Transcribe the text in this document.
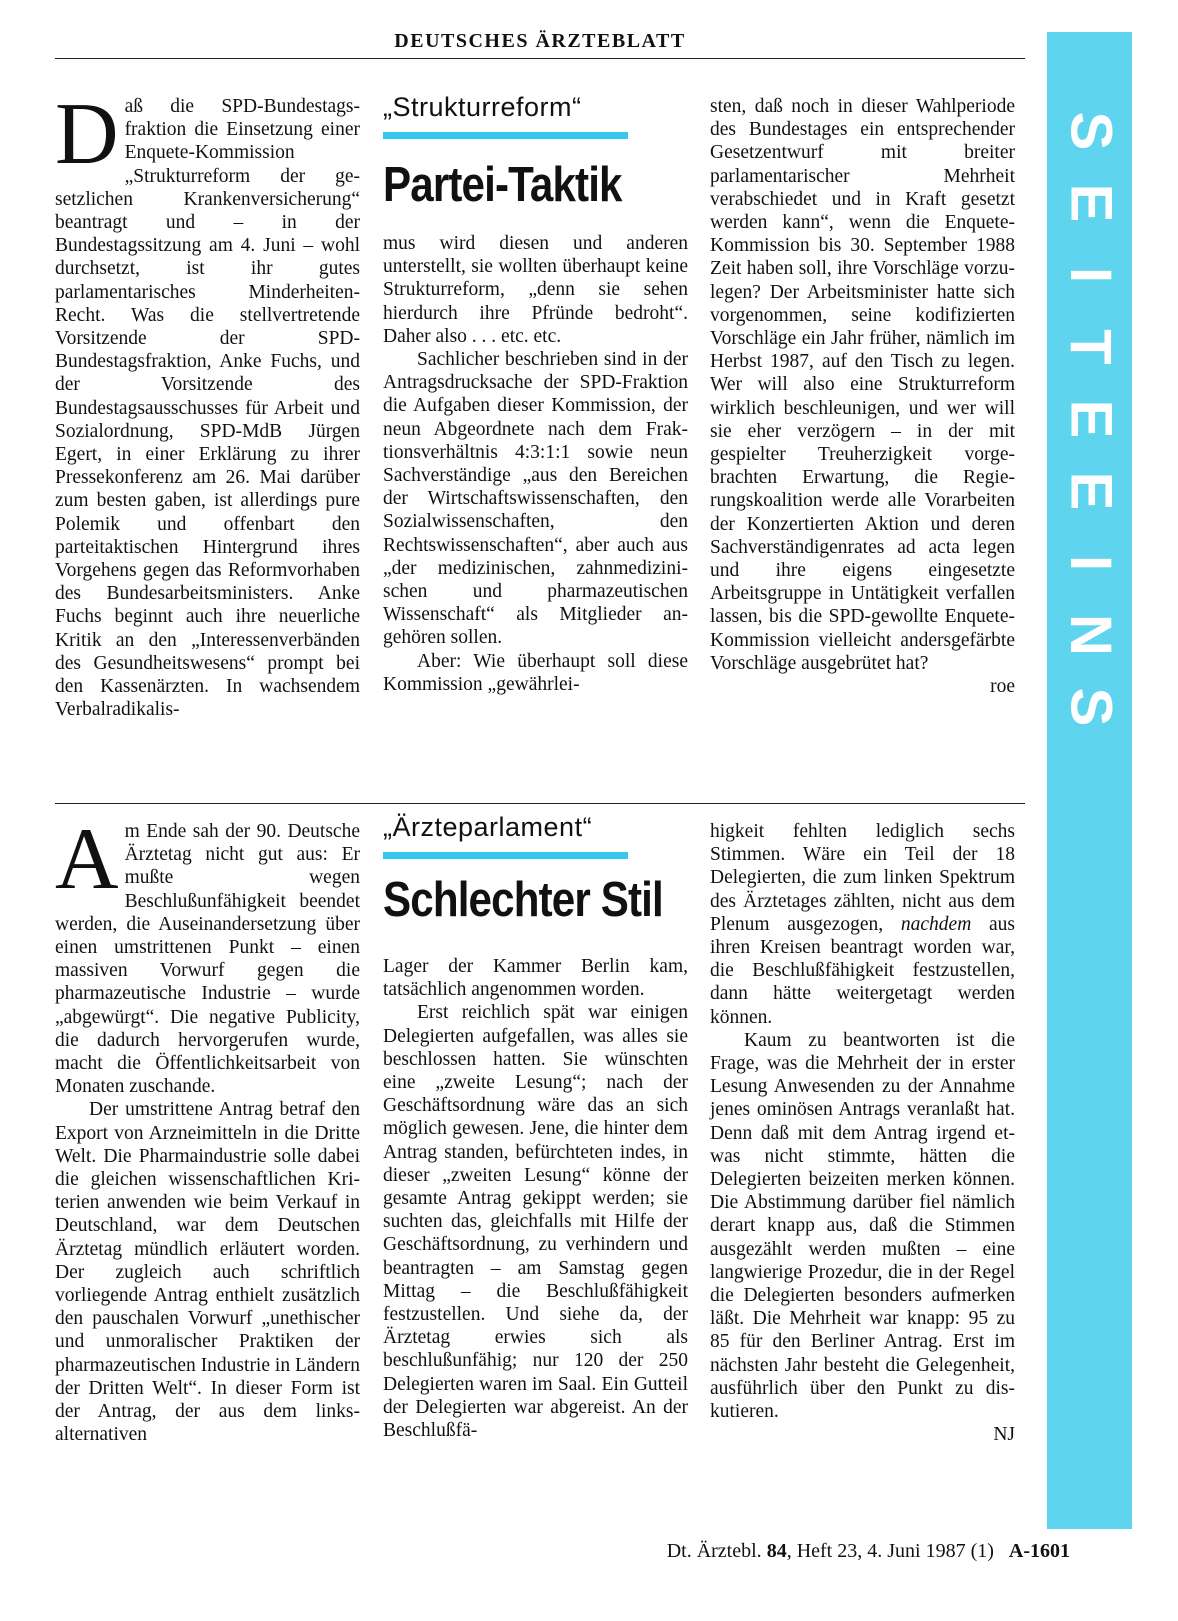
DEUTSCHES ÄRZTEBLATT
S
E
I
T
E
E
I
N
S

Daß die SPD-Bundestagsfraktion die Einsetzung einer Enquete-Kommission „Strukturreform der gesetzlichen Krankenversicherung“ beantragt und – in der Bundestagssitzung am 4. Juni – wohl durchsetzt, ist ihr gutes parlamentarisches Minderheiten-Recht. Was die stellvertretende Vorsitzende der SPD-Bundestagsfraktion, Anke Fuchs, und der Vorsitzende des Bundestagsausschusses für Arbeit und Sozialordnung, SPD-MdB Jürgen Egert, in einer Erklärung zu ihrer Pressekonferenz am 26. Mai darüber zum besten gaben, ist allerdings pure Polemik und offenbart den parteitaktischen Hintergrund ihres Vorgehens gegen das Reformvorhaben des Bundesarbeitsministers. Anke Fuchs beginnt auch ihre neuerliche Kritik an den „Interessenverbänden des Gesundheitswesens“ prompt bei den Kassenärzten. In wachsendem Verbalradikalis-

„Strukturreform“
Partei-Taktik

mus wird diesen und anderen unterstellt, sie wollten überhaupt keine Strukturreform, „denn sie sehen hierdurch ihre Pfründe bedroht“. Daher also . . . etc. etc.

Sachlicher beschrieben sind in der Antragsdrucksache der SPD-Fraktion die Aufgaben dieser Kommission, der neun Abgeordnete nach dem Fraktionsverhältnis 4:3:1:1 sowie neun Sachverständige „aus den Bereichen der Wirtschaftswissenschaften, den Sozialwissenschaften, den Rechtswissenschaften“, aber auch aus „der medizinischen, zahnmedizinischen und pharmazeutischen Wissenschaft“ als Mitglieder angehören sollen.

Aber: Wie überhaupt soll diese Kommission „gewährlei-

sten, daß noch in dieser Wahlperiode des Bundestages ein entsprechender Gesetzentwurf mit breiter parlamentarischer Mehrheit verabschiedet und in Kraft gesetzt werden kann“, wenn die Enquete-Kommission bis 30. September 1988 Zeit haben soll, ihre Vorschläge vorzulegen? Der Arbeitsminister hatte sich vorgenommen, seine kodifizierten Vorschläge ein Jahr früher, nämlich im Herbst 1987, auf den Tisch zu legen. Wer will also eine Strukturreform wirklich beschleunigen, und wer will sie eher verzögern – in der mit gespielter Treuherzigkeit vorgebrachten Erwartung, die Regierungskoalition werde alle Vorarbeiten der Konzertierten Aktion und deren Sachverständigenrates ad acta legen und ihre eigens eingesetzte Arbeitsgruppe in Untätigkeit verfallen lassen, bis die SPD-gewollte Enquete-Kommission vielleicht andersgefärbte Vorschläge ausgebrütet hat?

roe

Am Ende sah der 90. Deutsche Ärztetag nicht gut aus: Er mußte wegen Beschlußunfähigkeit beendet werden, die Auseinandersetzung über einen umstrittenen Punkt – einen massiven Vorwurf gegen die pharmazeutische Industrie – wurde „abgewürgt“. Die negative Publicity, die dadurch hervorgerufen wurde, macht die Öffentlichkeitsarbeit von Monaten zuschande.

Der umstrittene Antrag betraf den Export von Arzneimitteln in die Dritte Welt. Die Pharmaindustrie solle dabei die gleichen wissenschaftlichen Kriterien anwenden wie beim Verkauf in Deutschland, war dem Deutschen Ärztetag mündlich erläutert worden. Der zugleich auch schriftlich vorliegende Antrag enthielt zusätzlich den pauschalen Vorwurf „unethischer und unmoralischer Praktiken der pharmazeutischen Industrie in Ländern der Dritten Welt“. In dieser Form ist der Antrag, der aus dem links-alternativen

„Ärzteparlament“
Schlechter Stil

Lager der Kammer Berlin kam, tatsächlich angenommen worden.

Erst reichlich spät war einigen Delegierten aufgefallen, was alles sie beschlossen hatten. Sie wünschten eine „zweite Lesung“; nach der Geschäftsordnung wäre das an sich möglich gewesen. Jene, die hinter dem Antrag standen, befürchteten indes, in dieser „zweiten Lesung“ könne der gesamte Antrag gekippt werden; sie suchten das, gleichfalls mit Hilfe der Geschäftsordnung, zu verhindern und beantragten – am Samstag gegen Mittag – die Beschlußfähigkeit festzustellen. Und siehe da, der Ärztetag erwies sich als beschlußunfähig; nur 120 der 250 Delegierten waren im Saal. Ein Gutteil der Delegierten war abgereist. An der Beschlußfä-

higkeit fehlten lediglich sechs Stimmen. Wäre ein Teil der 18 Delegierten, die zum linken Spektrum des Ärztetages zählten, nicht aus dem Plenum ausgezogen, nachdem aus ihren Kreisen beantragt worden war, die Beschlußfähigkeit festzustellen, dann hätte weitergetagt werden können.

Kaum zu beantworten ist die Frage, was die Mehrheit der in erster Lesung Anwesenden zu der Annahme jenes ominösen Antrags veranlaßt hat. Denn daß mit dem Antrag irgend etwas nicht stimmte, hätten die Delegierten beizeiten merken können. Die Abstimmung darüber fiel nämlich derart knapp aus, daß die Stimmen ausgezählt werden mußten – eine langwierige Prozedur, die in der Regel die Delegierten besonders aufmerken läßt. Die Mehrheit war knapp: 95 zu 85 für den Berliner Antrag. Erst im nächsten Jahr besteht die Gelegenheit, ausführlich über den Punkt zu diskutieren.

NJ

Dt. Ärztebl. 84, Heft 23, 4. Juni 1987 (1) A-1601
